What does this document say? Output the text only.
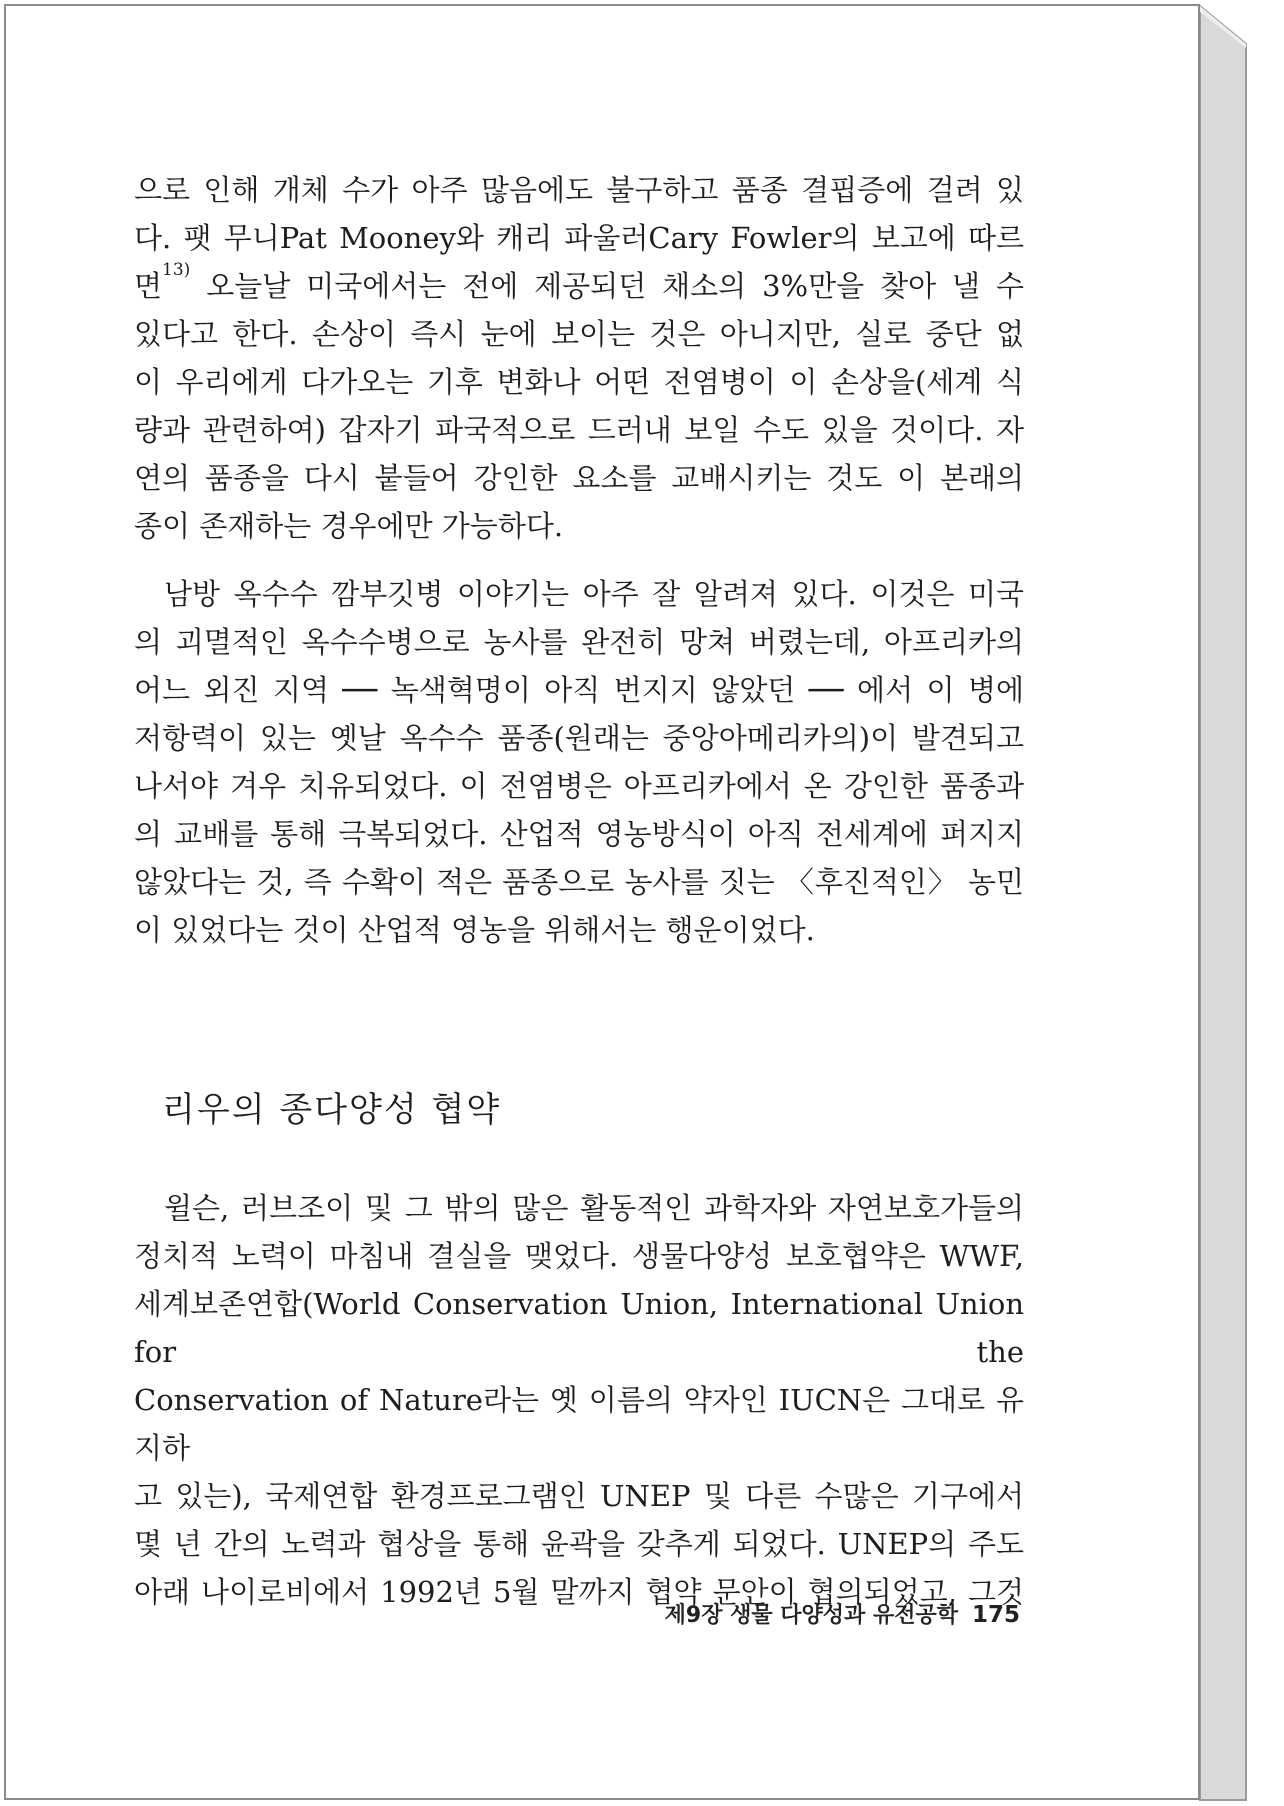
으로 인해 개체 수가 아주 많음에도 불구하고 품종 결핍증에 걸려 있

다. 팻 무니Pat Mooney와 캐리 파울러Cary Fowler의 보고에 따르

면$^{13)}$ 오늘날 미국에서는 전에 제공되던 채소의 3%만을 찾아 낼 수

있다고 한다. 손상이 즉시 눈에 보이는 것은 아니지만, 실로 중단 없

이 우리에게 다가오는 기후 변화나 어떤 전염병이 이 손상을(세계 식

량과 관련하여) 갑자기 파국적으로 드러내 보일 수도 있을 것이다. 자

연의 품종을 다시 붙들어 강인한 요소를 교배시키는 것도 이 본래의

종이 존재하는 경우에만 가능하다.

남방 옥수수 깜부깃병 이야기는 아주 잘 알려져 있다. 이것은 미국

의 괴멸적인 옥수수병으로 농사를 완전히 망쳐 버렸는데, 아프리카의

어느 외진 지역 ── 녹색혁명이 아직 번지지 않았던 ── 에서 이 병에

저항력이 있는 옛날 옥수수 품종(원래는 중앙아메리카의)이 발견되고

나서야 겨우 치유되었다. 이 전염병은 아프리카에서 온 강인한 품종과

의 교배를 통해 극복되었다. 산업적 영농방식이 아직 전세계에 퍼지지

않았다는 것, 즉 수확이 적은 품종으로 농사를 짓는 〈후진적인〉 농민

이 있었다는 것이 산업적 영농을 위해서는 행운이었다.

리우의 종다양성 협약

윌슨, 러브조이 및 그 밖의 많은 활동적인 과학자와 자연보호가들의

정치적 노력이 마침내 결실을 맺었다. 생물다양성 보호협약은 WWF,

세계보존연합(World Conservation Union, International Union for the

Conservation of Nature라는 옛 이름의 약자인 IUCN은 그대로 유지하

고 있는), 국제연합 환경프로그램인 UNEP 및 다른 수많은 기구에서

몇 년 간의 노력과 협상을 통해 윤곽을 갖추게 되었다. UNEP의 주도

아래 나이로비에서 1992년 5월 말까지 협약 문안이 협의되었고, 그것

제9장 생물 다양성과 유전공학 175
